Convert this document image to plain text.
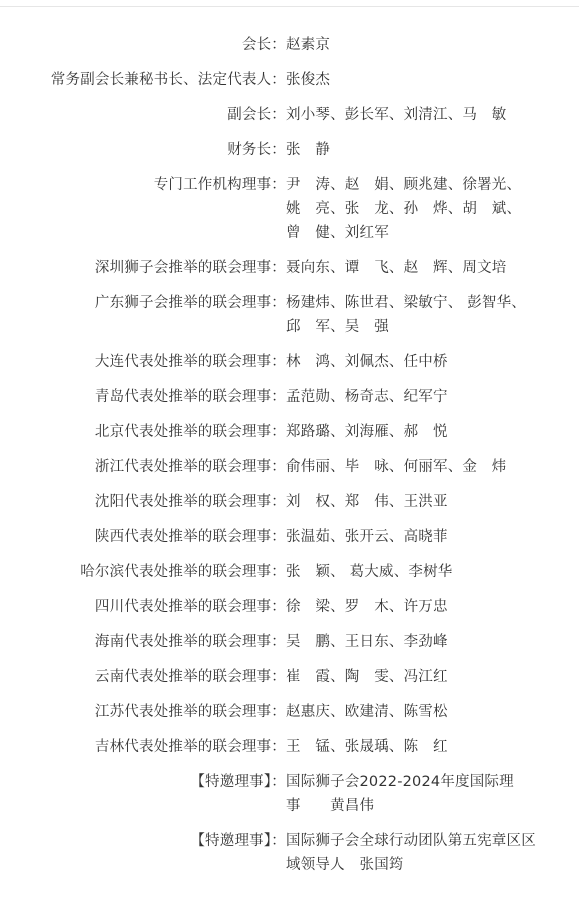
会长： 赵素京
常务副会长兼秘书长、法定代表人： 张俊杰
副会长： 刘小琴、彭长军、刘清江、马　敏
财务长： 张　静
专门工作机构理事： 尹　涛、赵　娟、顾兆建、徐署光、
姚　亮、张　龙、孙　烨、胡　斌、
曾　健、刘红军
深圳狮子会推举的联会理事： 聂向东、谭　飞、赵　辉、周文培
广东狮子会推举的联会理事： 杨建炜、陈世君、梁敏宁、 彭智华、
邱　军、吴　强
大连代表处推举的联会理事： 林　鸿、刘佩杰、任中桥
青岛代表处推举的联会理事： 孟范勋、杨奇志、纪军宁
北京代表处推举的联会理事： 郑路璐、刘海雁、郝　悦
浙江代表处推举的联会理事： 俞伟丽、毕　咏、何丽军、金　炜
沈阳代表处推举的联会理事： 刘　权、郑　伟、王洪亚
陕西代表处推举的联会理事： 张温茹、张开云、高晓菲
哈尔滨代表处推举的联会理事： 张　颖、 葛大威、李树华
四川代表处推举的联会理事： 徐　梁、罗　木、许万忠
海南代表处推举的联会理事： 吴　鹏、王日东、李劲峰
云南代表处推举的联会理事： 崔　霞、陶　雯、冯江红
江苏代表处推举的联会理事： 赵惠庆、欧建清、陈雪松
吉林代表处推举的联会理事： 王　锰、张晟瑀、陈　红
【特邀理事】： 国际狮子会2022-2024年度国际理
事　　黄昌伟
【特邀理事】： 国际狮子会全球行动团队第五宪章区区
域领导人　张国筠
